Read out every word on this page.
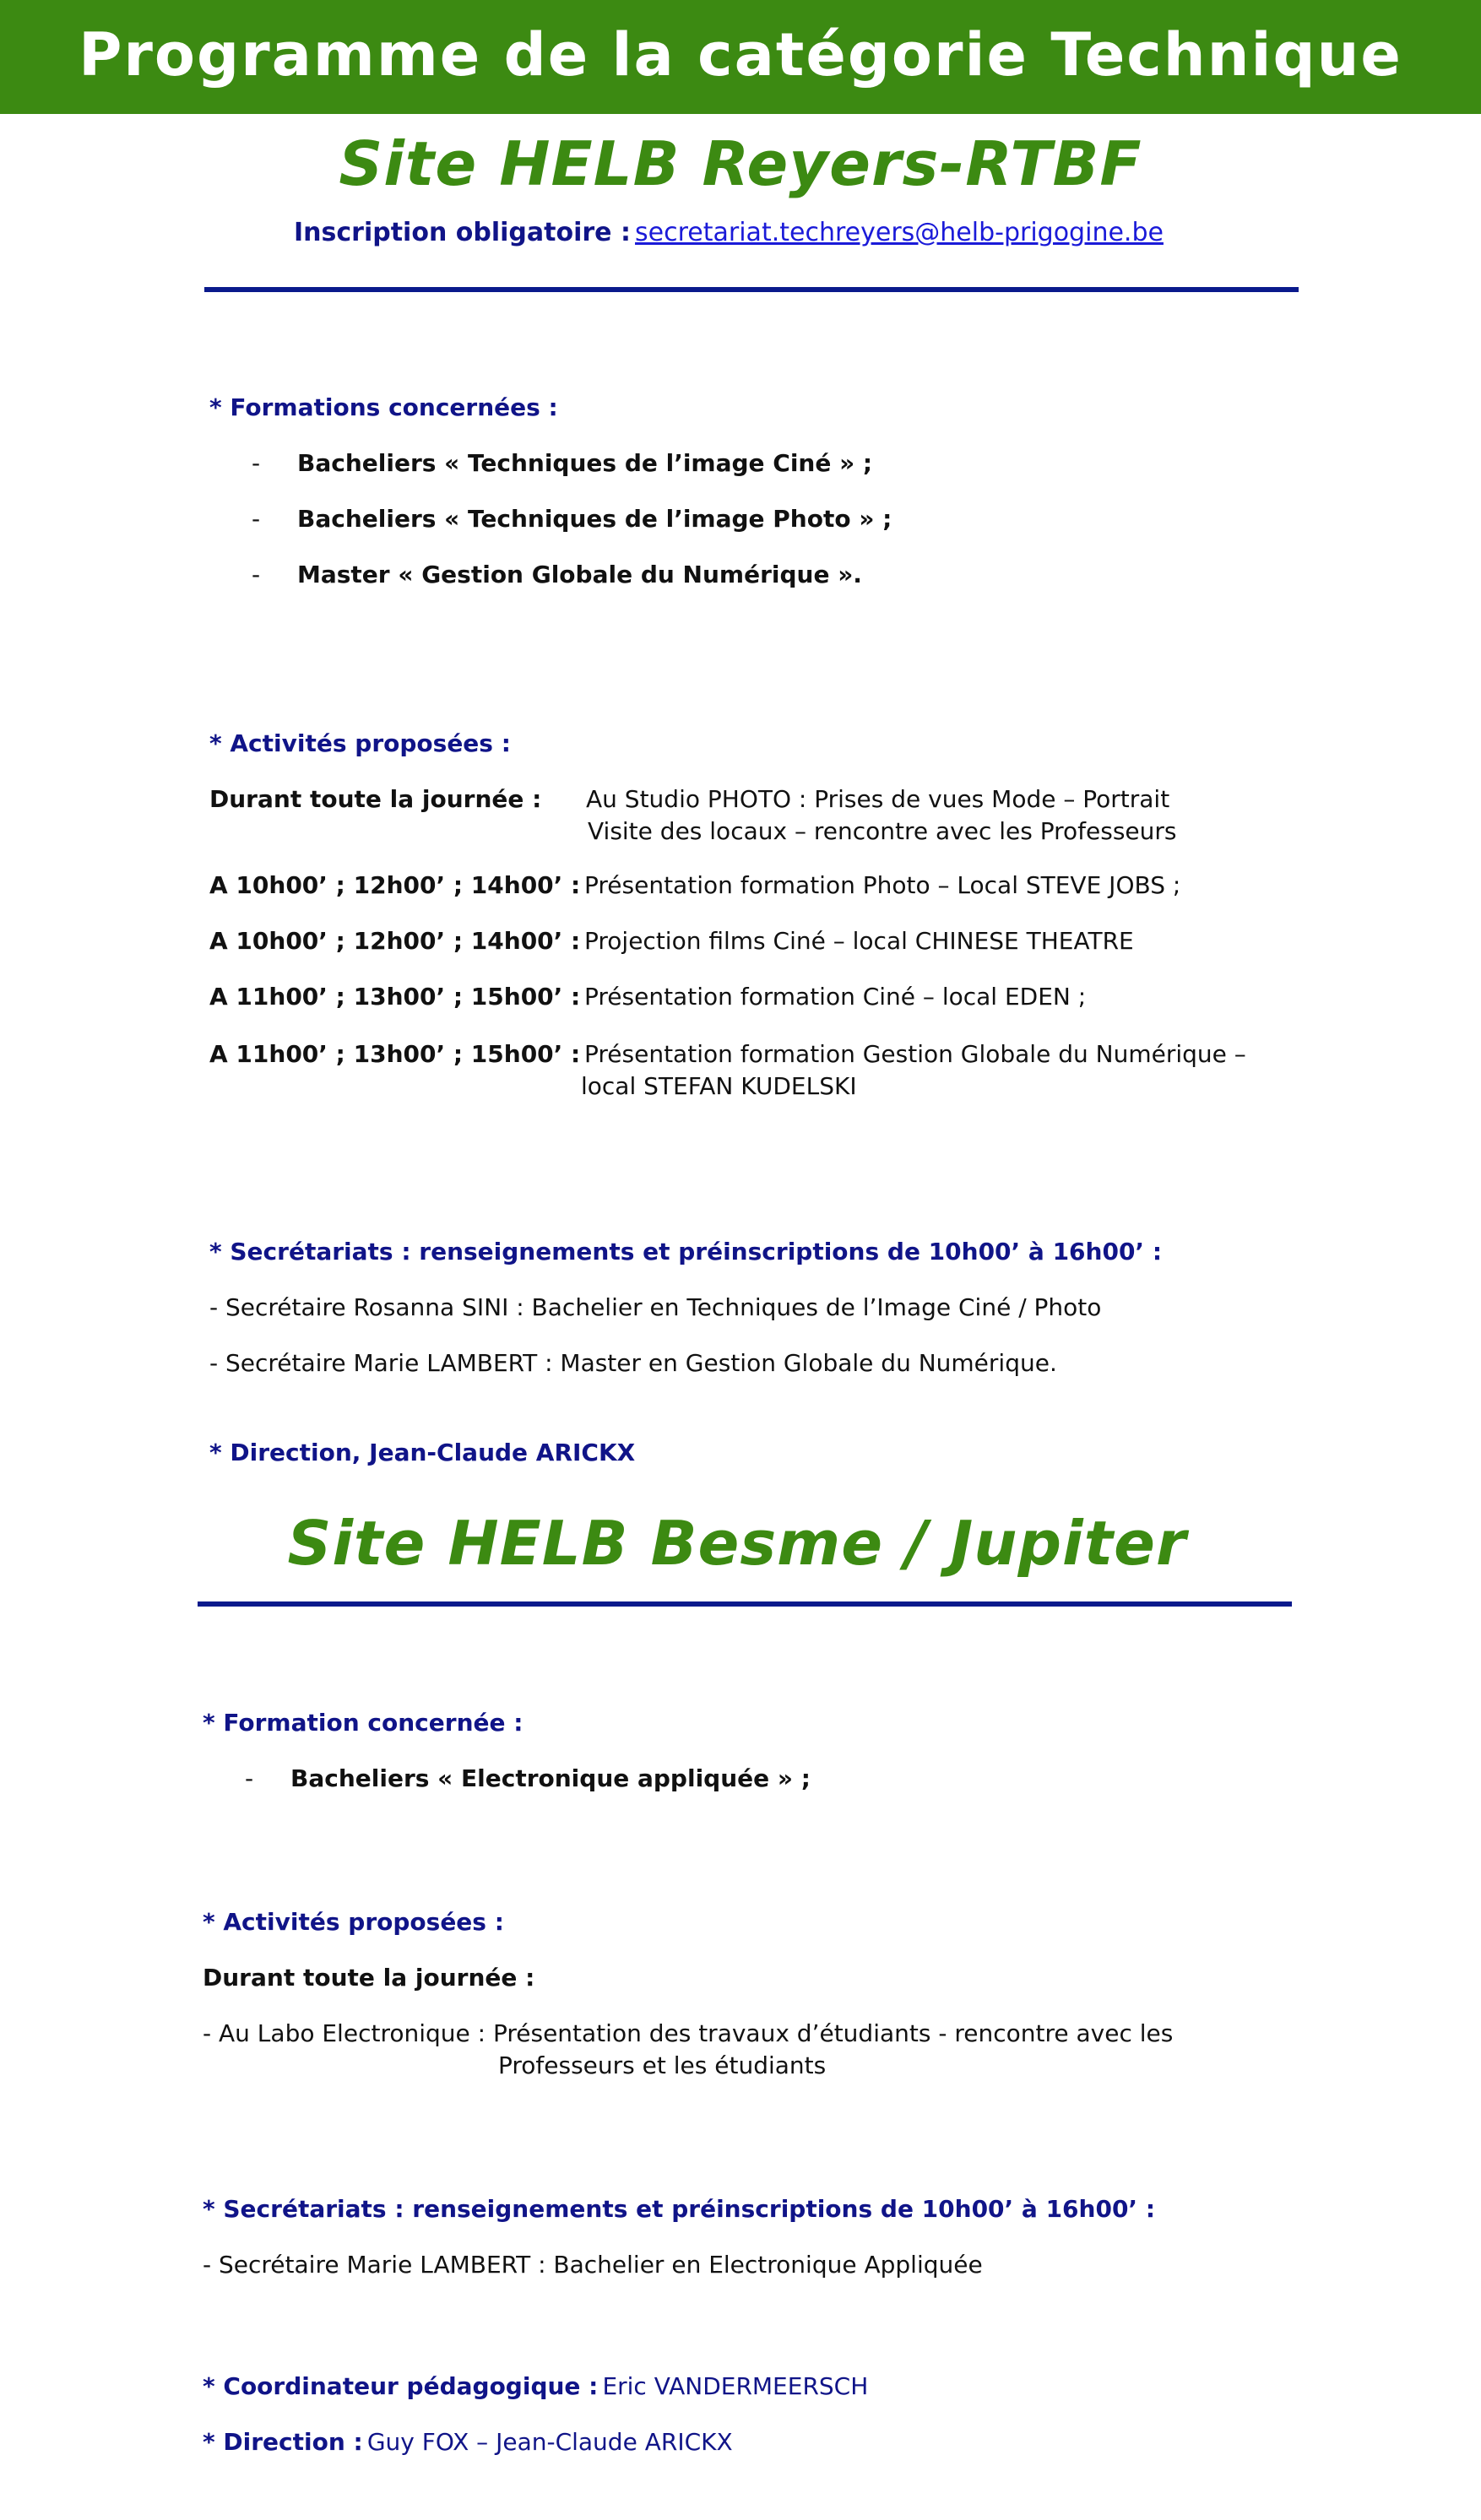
Programme de la catégorie Technique
Site HELB Reyers-RTBF
Inscription obligatoire : secretariat.techreyers@helb-prigogine.be
* Formations concernées :
- Bacheliers « Techniques de l’image Ciné » ;
- Bacheliers « Techniques de l’image Photo » ;
- Master « Gestion Globale du Numérique ».
* Activités proposées :
Durant toute la journée : Au Studio PHOTO : Prises de vues Mode – Portrait
Visite des locaux – rencontre avec les Professeurs
A 10h00’ ; 12h00’ ; 14h00’ : Présentation formation Photo – Local STEVE JOBS ;
A 10h00’ ; 12h00’ ; 14h00’ : Projection films Ciné – local CHINESE THEATRE
A 11h00’ ; 13h00’ ; 15h00’ : Présentation formation Ciné – local EDEN ;
A 11h00’ ; 13h00’ ; 15h00’ : Présentation formation Gestion Globale du Numérique –
local STEFAN KUDELSKI
* Secrétariats : renseignements et préinscriptions de 10h00’ à 16h00’ :
- Secrétaire Rosanna SINI : Bachelier en Techniques de l’Image Ciné / Photo
- Secrétaire Marie LAMBERT : Master en Gestion Globale du Numérique.
* Direction, Jean-Claude ARICKX
Site HELB Besme / Jupiter
* Formation concernée :
- Bacheliers « Electronique appliquée » ;
* Activités proposées :
Durant toute la journée :
- Au Labo Electronique : Présentation des travaux d’étudiants - rencontre avec les
Professeurs et les étudiants
* Secrétariats : renseignements et préinscriptions de 10h00’ à 16h00’ :
- Secrétaire Marie LAMBERT : Bachelier en Electronique Appliquée
* Coordinateur pédagogique : Eric VANDERMEERSCH
* Direction : Guy FOX – Jean-Claude ARICKX
